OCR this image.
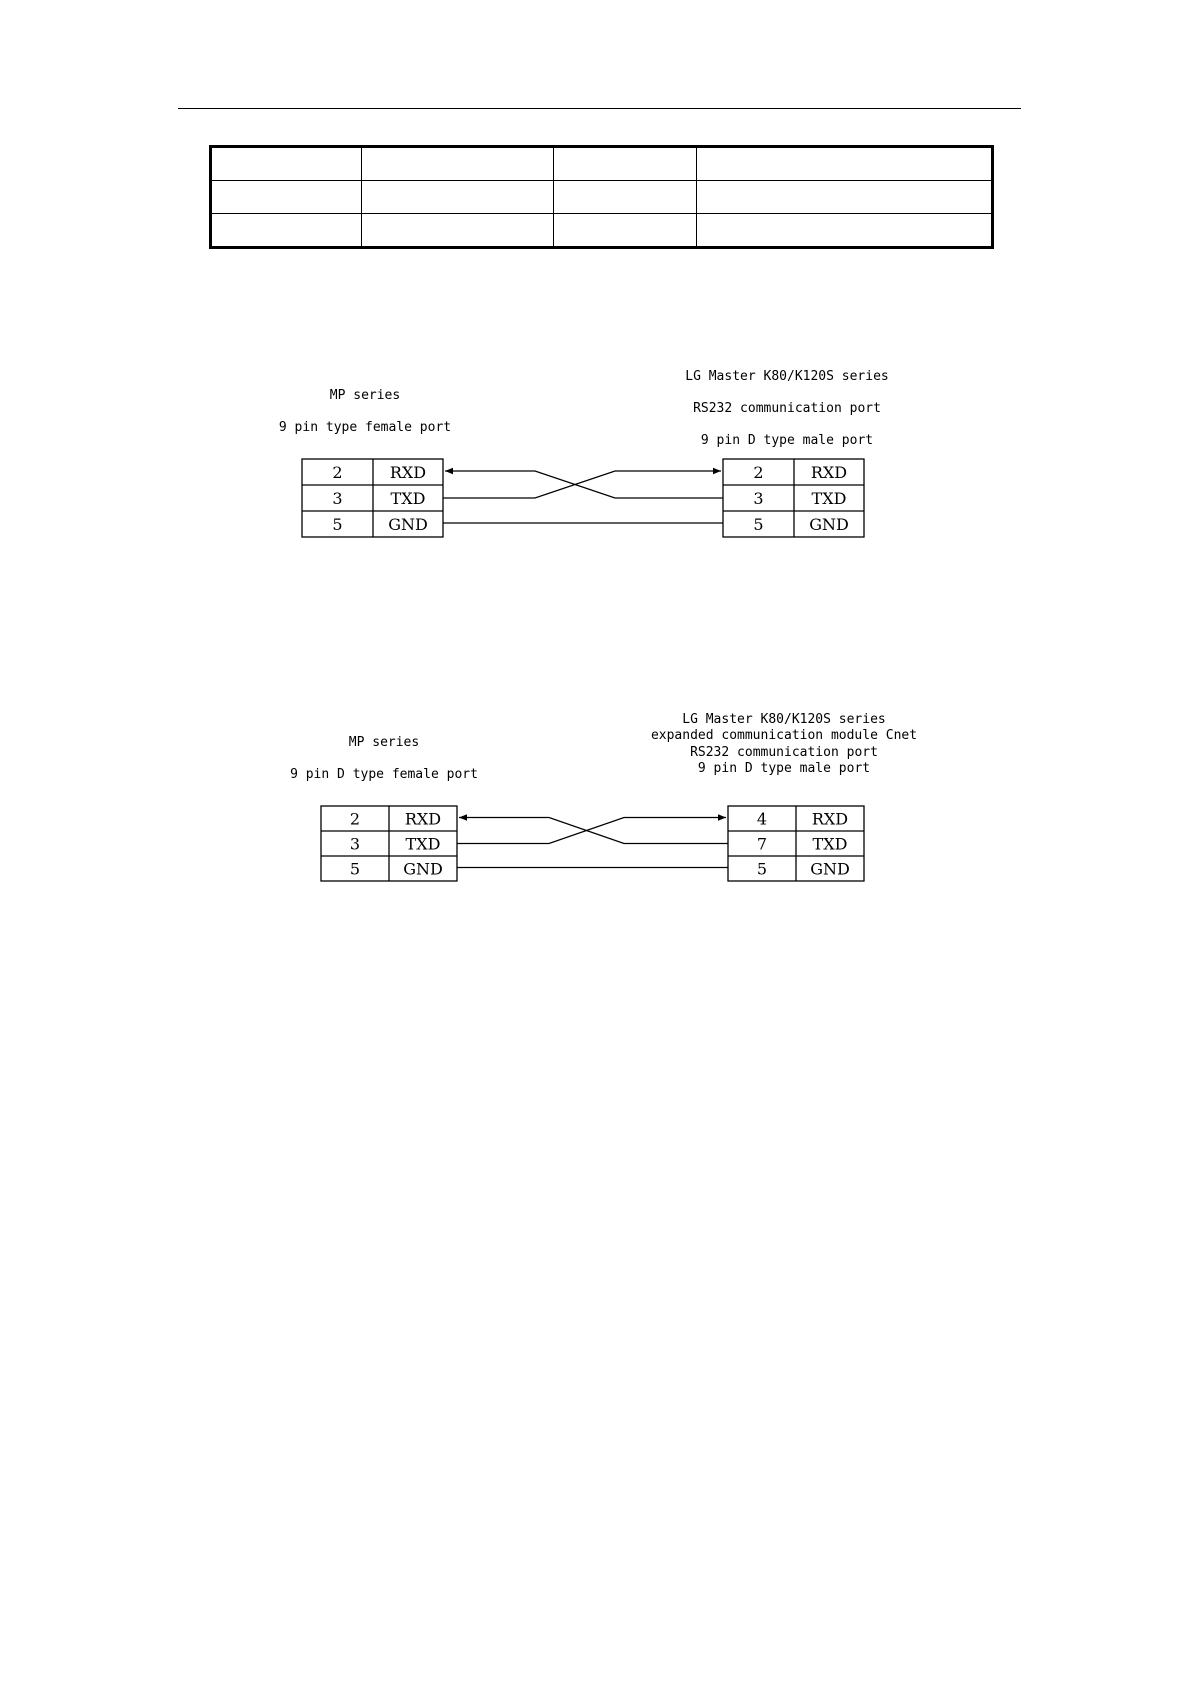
MP series
9 pin type female port
LG Master K80/K120S series
RS232 communication port
9 pin D type male port
2	RXD
3	TXD
5	GND
2	RXD
3	TXD
5	GND
MP series
9 pin D type female port
LG Master K80/K120S series
expanded communication module Cnet
RS232 communication port
9 pin D type male port
2	RXD
3	TXD
5	GND
4	RXD
7	TXD
5	GND
